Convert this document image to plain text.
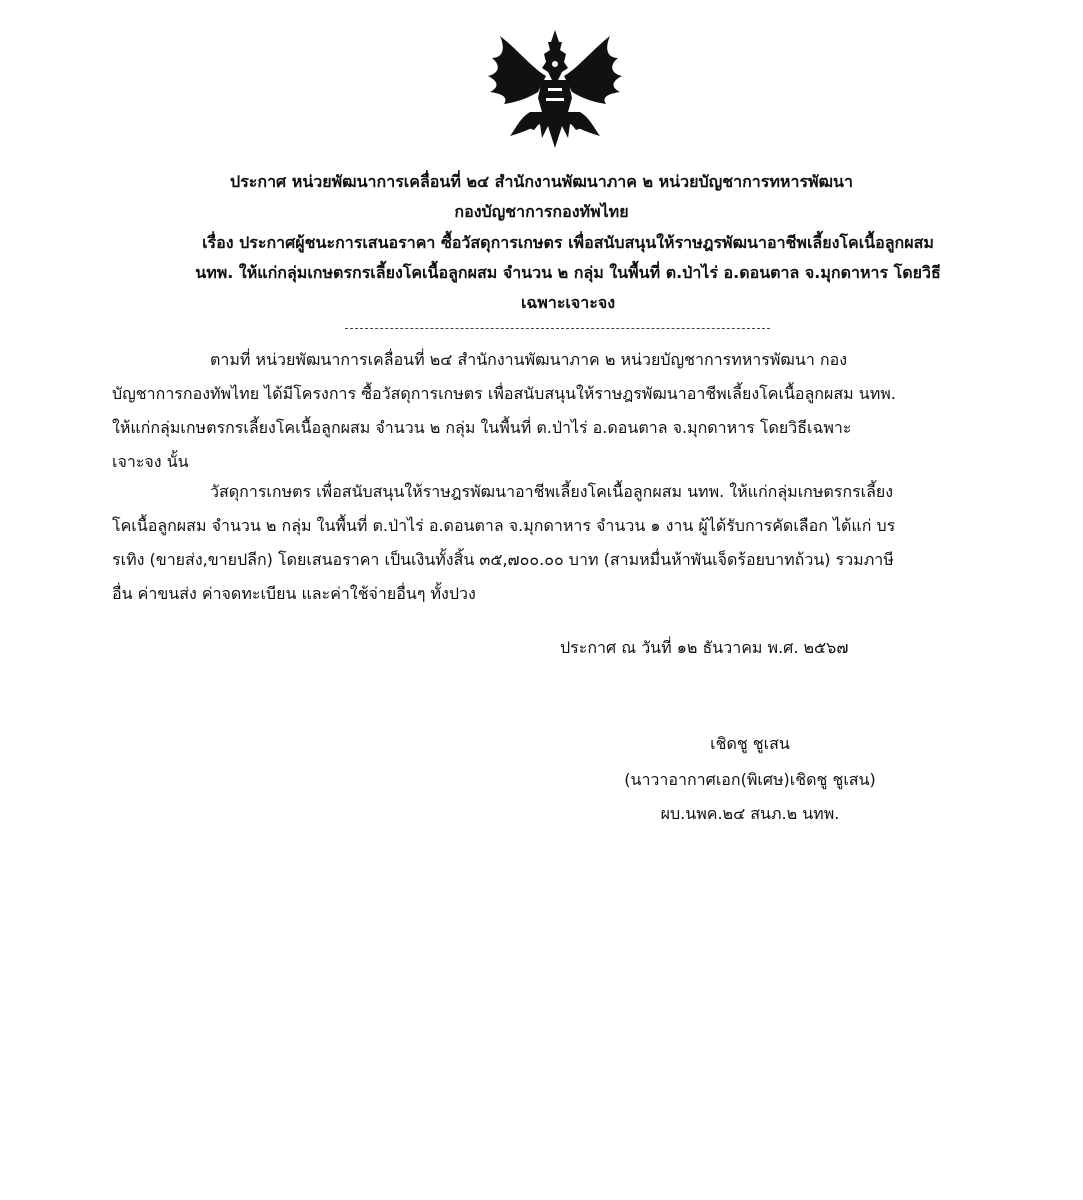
ประกาศ หน่วยพัฒนาการเคลื่อนที่ ๒๔ สำนักงานพัฒนาภาค ๒ หน่วยบัญชาการทหารพัฒนา
กองบัญชาการกองทัพไทย
เรื่อง ประกาศผู้ชนะการเสนอราคา ซื้อวัสดุการเกษตร เพื่อสนับสนุนให้ราษฎรพัฒนาอาชีพเลี้ยงโคเนื้อลูกผสม
นทพ. ให้แก่กลุ่มเกษตรกรเลี้ยงโคเนื้อลูกผสม จำนวน ๒ กลุ่ม ในพื้นที่ ต.ป่าไร่ อ.ดอนตาล จ.มุกดาหาร โดยวิธี
เฉพาะเจาะจง
ตามที่ หน่วยพัฒนาการเคลื่อนที่ ๒๔ สำนักงานพัฒนาภาค ๒ หน่วยบัญชาการทหารพัฒนา กอง
บัญชาการกองทัพไทย ได้มีโครงการ ซื้อวัสดุการเกษตร เพื่อสนับสนุนให้ราษฎรพัฒนาอาชีพเลี้ยงโคเนื้อลูกผสม นทพ.
ให้แก่กลุ่มเกษตรกรเลี้ยงโคเนื้อลูกผสม จำนวน ๒ กลุ่ม ในพื้นที่ ต.ป่าไร่ อ.ดอนตาล จ.มุกดาหาร โดยวิธีเฉพาะ
เจาะจง นั้น
วัสดุการเกษตร เพื่อสนับสนุนให้ราษฎรพัฒนาอาชีพเลี้ยงโคเนื้อลูกผสม นทพ. ให้แก่กลุ่มเกษตรกรเลี้ยง
โคเนื้อลูกผสม จำนวน ๒ กลุ่ม ในพื้นที่ ต.ป่าไร่ อ.ดอนตาล จ.มุกดาหาร จำนวน ๑ งาน ผู้ได้รับการคัดเลือก ได้แก่ บร
รเทิง (ขายส่ง,ขายปลีก) โดยเสนอราคา เป็นเงินทั้งสิ้น ๓๕,๗๐๐.๐๐ บาท (สามหมื่นห้าพันเจ็ดร้อยบาทถ้วน) รวมภาษี
อื่น ค่าขนส่ง ค่าจดทะเบียน และค่าใช้จ่ายอื่นๆ ทั้งปวง
ประกาศ ณ วันที่ ๑๒ ธันวาคม พ.ศ. ๒๕๖๗
เชิดชู ชูเสน
(นาวาอากาศเอก(พิเศษ)เชิดชู ชูเสน)
ผบ.นพค.๒๔ สนภ.๒ นทพ.
